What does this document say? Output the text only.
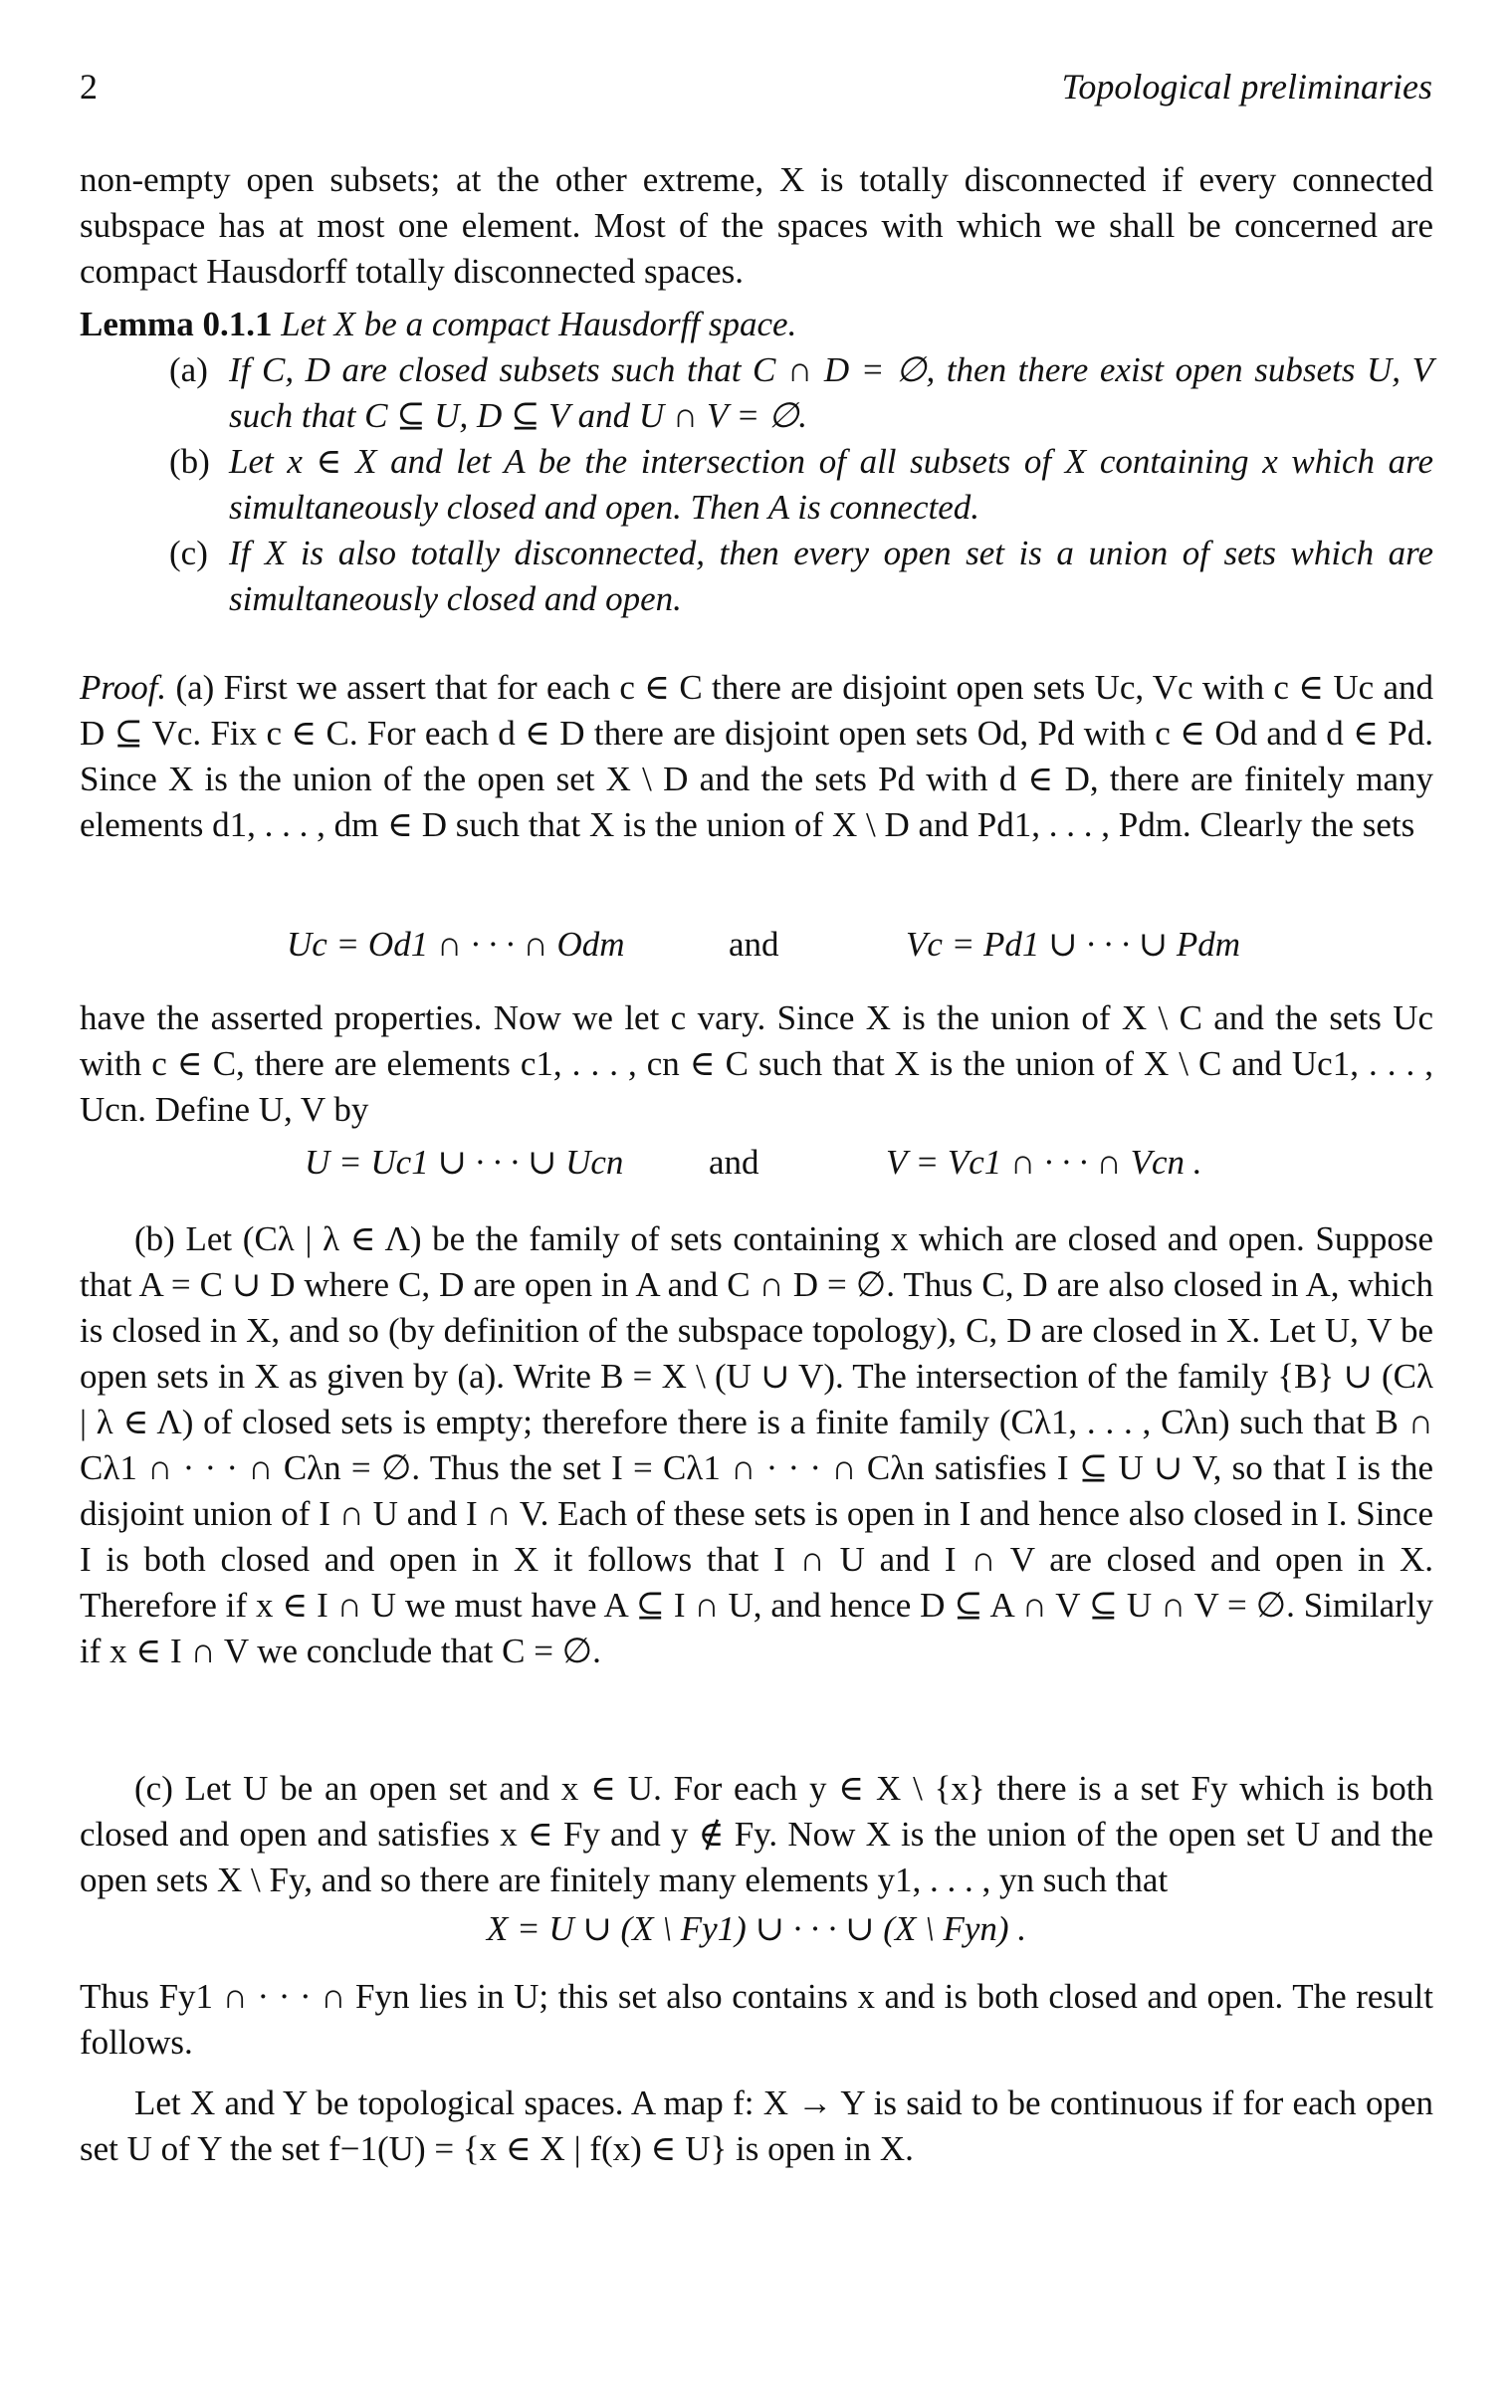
2	Topological preliminaries

non-empty open subsets; at the other extreme, X is totally disconnected if every connected subspace has at most one element. Most of the spaces with which we shall be concerned are compact Hausdorff totally disconnected spaces.

Lemma 0.1.1 Let X be a compact Hausdorff space.

(a) If C, D are closed subsets such that C ∩ D = ∅, then there exist open subsets U, V such that C ⊆ U, D ⊆ V and U ∩ V = ∅.

(b) Let x ∈ X and let A be the intersection of all subsets of X containing x which are simultaneously closed and open. Then A is connected.

(c) If X is also totally disconnected, then every open set is a union of sets which are simultaneously closed and open.

Proof. (a) First we assert that for each c ∈ C there are disjoint open sets Uc, Vc with c ∈ Uc and D ⊆ Vc. Fix c ∈ C. For each d ∈ D there are disjoint open sets Od, Pd with c ∈ Od and d ∈ Pd. Since X is the union of the open set X \ D and the sets Pd with d ∈ D, there are finitely many elements d1, . . . , dm ∈ D such that X is the union of X \ D and Pd1, . . . , Pdm. Clearly the sets

Uc = Od1 ∩ · · · ∩ Odm	and	Vc = Pd1 ∪ · · · ∪ Pdm

have the asserted properties. Now we let c vary. Since X is the union of X \ C and the sets Uc with c ∈ C, there are elements c1, . . . , cn ∈ C such that X is the union of X \ C and Uc1, . . . , Ucn. Define U, V by

U = Uc1 ∪ · · · ∪ Ucn and	V = Vc1 ∩ · · · ∩ Vcn .

(b) Let (Cλ | λ ∈ Λ) be the family of sets containing x which are closed and open. Suppose that A = C ∪ D where C, D are open in A and C ∩ D = ∅. Thus C, D are also closed in A, which is closed in X, and so (by definition of the subspace topology), C, D are closed in X. Let U, V be open sets in X as given by (a). Write B = X \ (U ∪ V). The intersection of the family {B} ∪ (Cλ | λ ∈ Λ) of closed sets is empty; therefore there is a finite family (Cλ1, . . . , Cλn) such that B ∩ Cλ1 ∩ · · · ∩ Cλn = ∅. Thus the set I = Cλ1 ∩ · · · ∩ Cλn satisfies I ⊆ U ∪ V, so that I is the disjoint union of I ∩ U and I ∩ V. Each of these sets is open in I and hence also closed in I. Since I is both closed and open in X it follows that I ∩ U and I ∩ V are closed and open in X. Therefore if x ∈ I ∩ U we must have A ⊆ I ∩ U, and hence D ⊆ A ∩ V ⊆ U ∩ V = ∅. Similarly if x ∈ I ∩ V we conclude that C = ∅.

(c) Let U be an open set and x ∈ U. For each y ∈ X \ {x} there is a set Fy which is both closed and open and satisfies x ∈ Fy and y ∉ Fy. Now X is the union of the open set U and the open sets X \ Fy, and so there are finitely many elements y1, . . . , yn such that

X = U ∪ (X \ Fy1) ∪ · · · ∪ (X \ Fyn) .

Thus Fy1 ∩ · · · ∩ Fyn lies in U; this set also contains x and is both closed and open. The result follows.

Let X and Y be topological spaces. A map f: X → Y is said to be continuous if for each open set U of Y the set f−1(U) = {x ∈ X | f(x) ∈ U} is open in X.
